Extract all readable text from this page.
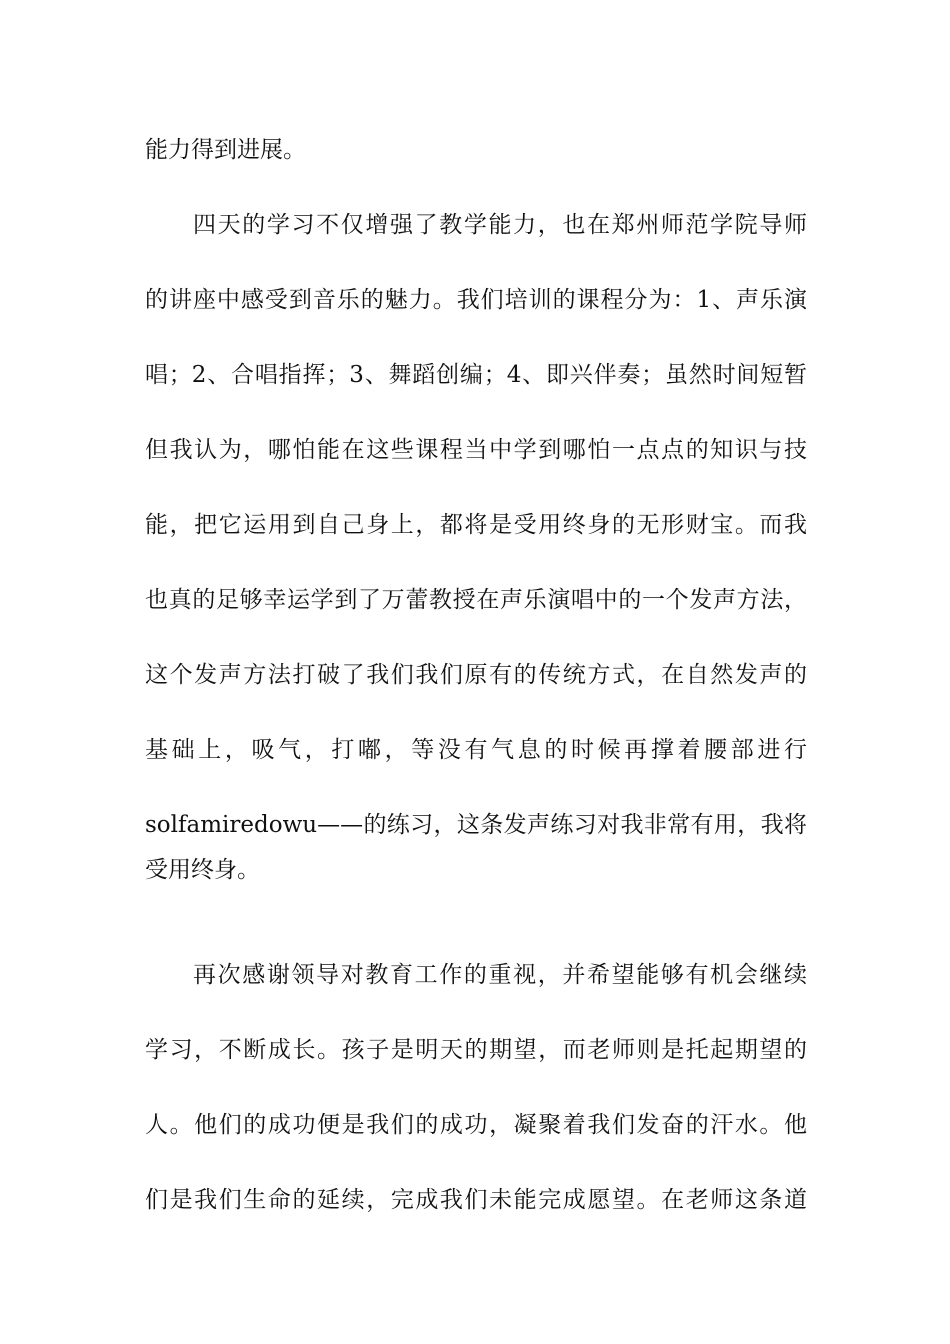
能力得到进展。
四天的学习不仅增强了教学能力，也在郑州师范学院导师
的讲座中感受到音乐的魅力。我们培训的课程分为：1、声乐演
唱；2、合唱指挥；3、舞蹈创编；4、即兴伴奏；虽然时间短暂
但我认为，哪怕能在这些课程当中学到哪怕一点点的知识与技
能，把它运用到自己身上，都将是受用终身的无形财宝。而我
也真的足够幸运学到了万蕾教授在声乐演唱中的一个发声方法，
这个发声方法打破了我们我们原有的传统方式，在自然发声的
基础上，吸气，打嘟，等没有气息的时候再撑着腰部进行
solfamiredowu——的练习，这条发声练习对我非常有用，我将
受用终身。
再次感谢领导对教育工作的重视，并希望能够有机会继续
学习，不断成长。孩子是明天的期望，而老师则是托起期望的
人。他们的成功便是我们的成功，凝聚着我们发奋的汗水。他
们是我们生命的延续，完成我们未能完成愿望。在老师这条道
